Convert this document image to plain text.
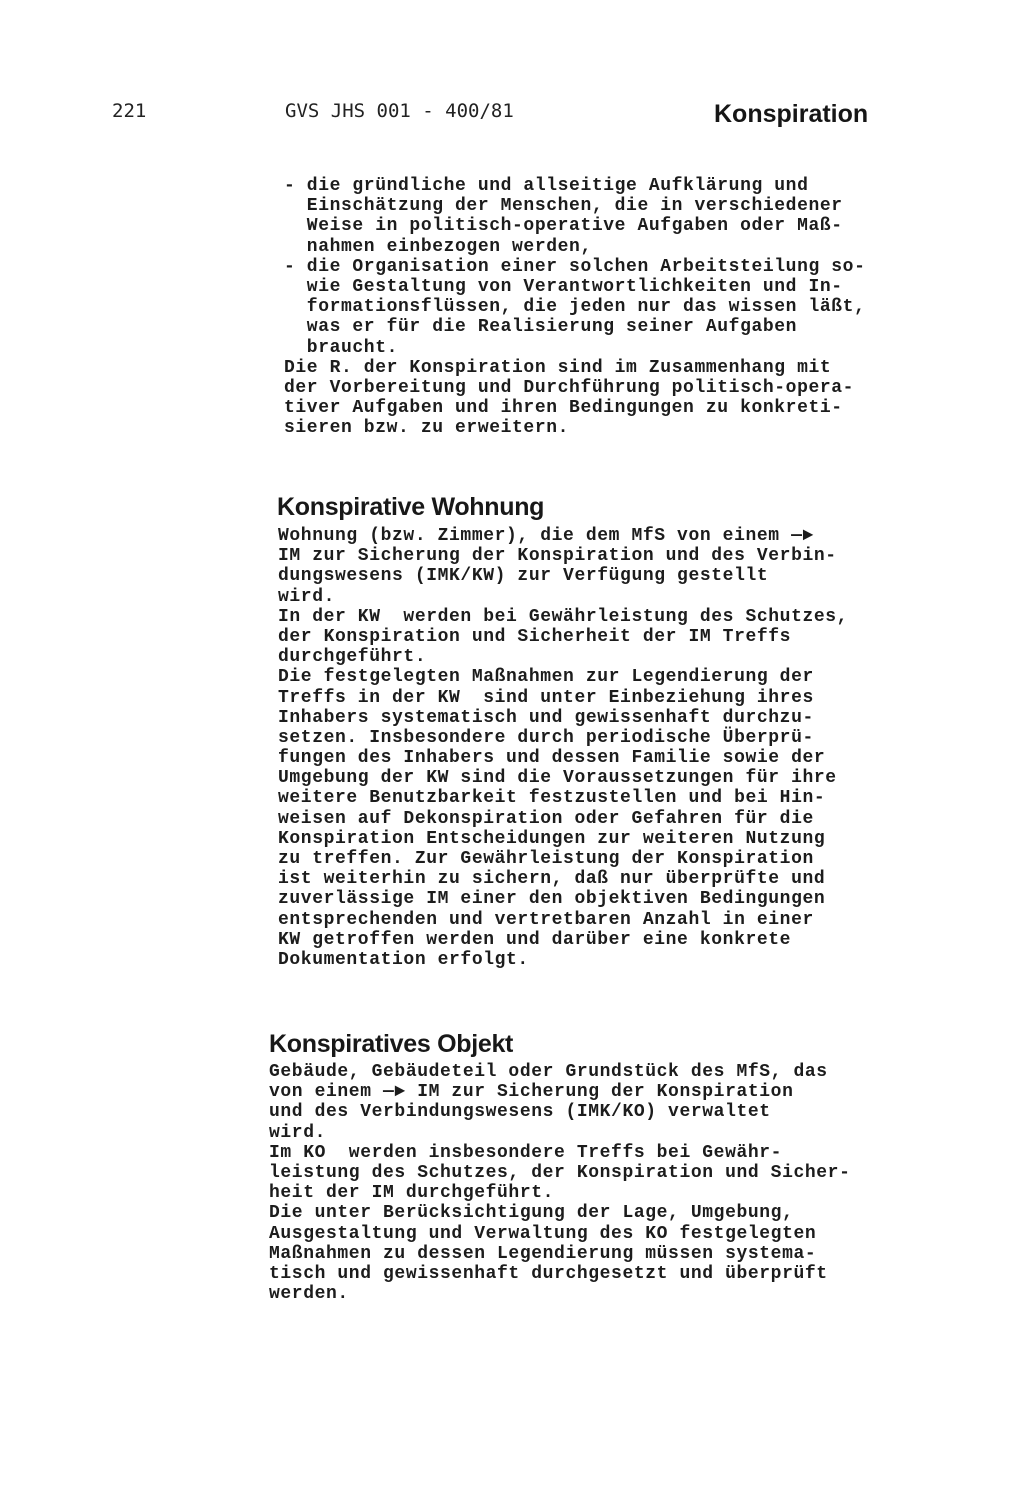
221	GVS JHS 001 - 400/81	Konspiration
- die gründliche und allseitige Aufklärung und
Einschätzung der Menschen, die in verschiedener
Weise in politisch-operative Aufgaben oder Maß-
nahmen einbezogen werden,
- die Organisation einer solchen Arbeitsteilung so-
wie Gestaltung von Verantwortlichkeiten und In-
formationsflüssen, die jeden nur das wissen läßt,
was er für die Realisierung seiner Aufgaben
braucht.
Die R. der Konspiration sind im Zusammenhang mit
der Vorbereitung und Durchführung politisch-opera-
tiver Aufgaben und ihren Bedingungen zu konkreti-
sieren bzw. zu erweitern.
Konspirative Wohnung
Wohnung (bzw. Zimmer), die dem MfS von einem —►
IM zur Sicherung der Konspiration und des Verbin-
dungswesens (IMK/KW) zur Verfügung gestellt
wird.
In der KW  werden bei Gewährleistung des Schutzes,
der Konspiration und Sicherheit der IM Treffs
durchgeführt.
Die festgelegten Maßnahmen zur Legendierung der
Treffs in der KW  sind unter Einbeziehung ihres
Inhabers systematisch und gewissenhaft durchzu-
setzen. Insbesondere durch periodische Überprü-
fungen des Inhabers und dessen Familie sowie der
Umgebung der KW sind die Voraussetzungen für ihre
weitere Benutzbarkeit festzustellen und bei Hin-
weisen auf Dekonspiration oder Gefahren für die
Konspiration Entscheidungen zur weiteren Nutzung
zu treffen. Zur Gewährleistung der Konspiration
ist weiterhin zu sichern, daß nur überprüfte und
zuverlässige IM einer den objektiven Bedingungen
entsprechenden und vertretbaren Anzahl in einer
KW getroffen werden und darüber eine konkrete
Dokumentation erfolgt.
Konspiratives Objekt
Gebäude, Gebäudeteil oder Grundstück des MfS, das
von einem —► IM zur Sicherung der Konspiration
und des Verbindungswesens (IMK/KO) verwaltet
wird.
Im KO  werden insbesondere Treffs bei Gewähr-
leistung des Schutzes, der Konspiration und Sicher-
heit der IM durchgeführt.
Die unter Berücksichtigung der Lage, Umgebung,
Ausgestaltung und Verwaltung des KO festgelegten
Maßnahmen zu dessen Legendierung müssen systema-
tisch und gewissenhaft durchgesetzt und überprüft
werden.
